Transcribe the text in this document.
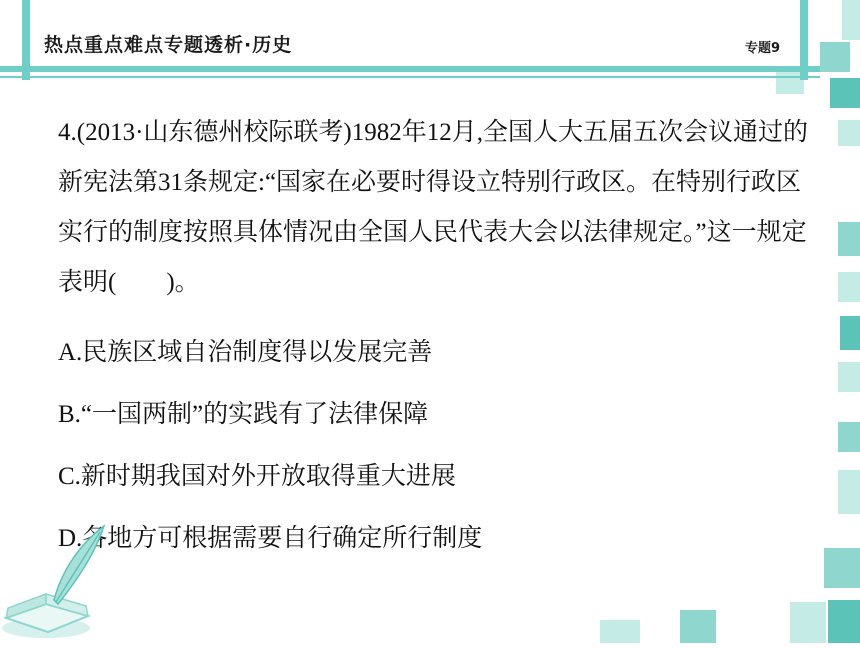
热点重点难点专题透析·历史	专题9

4.(2013·山东德州校际联考)1982年12月,全国人大五届五次会议通过的新宪法第31条规定:“国家在必要时得设立特别行政区。在特别行政区实行的制度按照具体情况由全国人民代表大会以法律规定。”这一规定表明(　　)。

A.民族区域自治制度得以发展完善

B.“一国两制”的实践有了法律保障

C.新时期我国对外开放取得重大进展

D.各地方可根据需要自行确定所行制度
